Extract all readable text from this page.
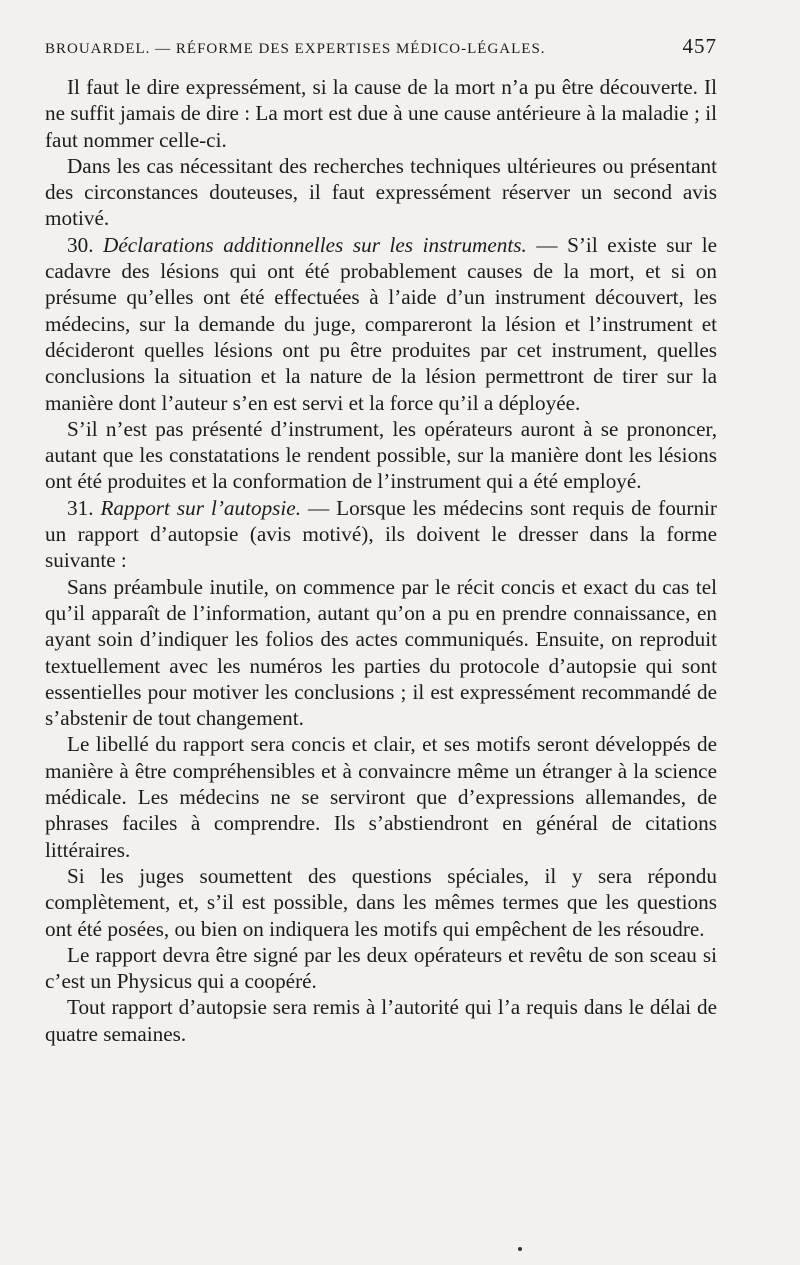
BROUARDEL. — RÉFORME DES EXPERTISES MÉDICO-LÉGALES.	457

Il faut le dire expressément, si la cause de la mort n’a pu être découverte. Il ne suffit jamais de dire : La mort est due à une cause antérieure à la maladie ; il faut nommer celle-ci.

Dans les cas nécessitant des recherches techniques ultérieures ou présentant des circonstances douteuses, il faut expressément réserver un second avis motivé.

30. Déclarations additionnelles sur les instruments. — S’il existe sur le cadavre des lésions qui ont été probablement causes de la mort, et si on présume qu’elles ont été effectuées à l’aide d’un instrument découvert, les médecins, sur la demande du juge, compareront la lésion et l’instrument et décideront quelles lésions ont pu être produites par cet instrument, quelles conclusions la situation et la nature de la lésion permettront de tirer sur la manière dont l’auteur s’en est servi et la force qu’il a déployée.

S’il n’est pas présenté d’instrument, les opérateurs auront à se prononcer, autant que les constatations le rendent possible, sur la manière dont les lésions ont été produites et la conformation de l’instrument qui a été employé.

31. Rapport sur l’autopsie. — Lorsque les médecins sont requis de fournir un rapport d’autopsie (avis motivé), ils doivent le dresser dans la forme suivante :

Sans préambule inutile, on commence par le récit concis et exact du cas tel qu’il apparaît de l’information, autant qu’on a pu en prendre connaissance, en ayant soin d’indiquer les folios des actes communiqués. Ensuite, on reproduit textuellement avec les numéros les parties du protocole d’autopsie qui sont essentielles pour motiver les conclusions ; il est expressément recommandé de s’abstenir de tout changement.

Le libellé du rapport sera concis et clair, et ses motifs seront développés de manière à être compréhensibles et à convaincre même un étranger à la science médicale. Les médecins ne se serviront que d’expressions allemandes, de phrases faciles à comprendre. Ils s’abstiendront en général de citations littéraires.

Si les juges soumettent des questions spéciales, il y sera répondu complètement, et, s’il est possible, dans les mêmes termes que les questions ont été posées, ou bien on indiquera les motifs qui empêchent de les résoudre.

Le rapport devra être signé par les deux opérateurs et revêtu de son sceau si c’est un Physicus qui a coopéré.

Tout rapport d’autopsie sera remis à l’autorité qui l’a requis dans le délai de quatre semaines.
